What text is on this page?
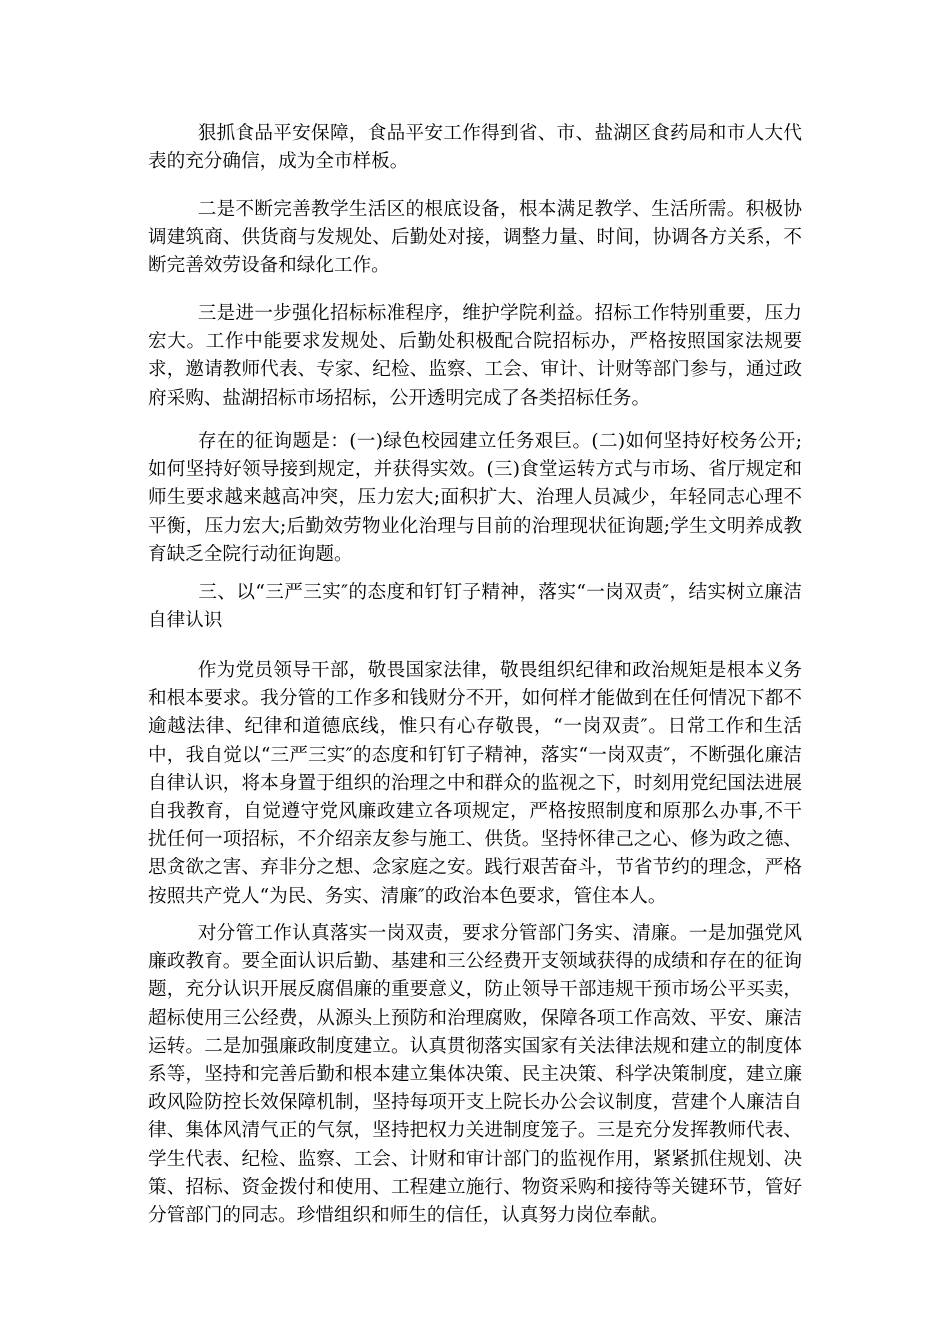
狠抓食品平安保障，食品平安工作得到省、市、盐湖区食药局和市人大代表的充分确信，成为全市样板。

二是不断完善教学生活区的根底设备，根本满足教学、生活所需。积极协调建筑商、供货商与发规处、后勤处对接，调整力量、时间，协调各方关系，不断完善效劳设备和绿化工作。

三是进一步强化招标标准程序，维护学院利益。招标工作特别重要，压力宏大。工作中能要求发规处、后勤处积极配合院招标办，严格按照国家法规要求，邀请教师代表、专家、纪检、监察、工会、审计、计财等部门参与，通过政府采购、盐湖招标市场招标，公开透明完成了各类招标任务。

存在的征询题是：(一)绿色校园建立任务艰巨。(二)如何坚持好校务公开;如何坚持好领导接到规定，并获得实效。(三)食堂运转方式与市场、省厅规定和师生要求越来越高冲突，压力宏大;面积扩大、治理人员减少，年轻同志心理不平衡，压力宏大;后勤效劳物业化治理与目前的治理现状征询题;学生文明养成教育缺乏全院行动征询题。

三、以“三严三实″的态度和钉钉子精神，落实“一岗双责″，结实树立廉洁自律认识

作为党员领导干部，敬畏国家法律，敬畏组织纪律和政治规矩是根本义务和根本要求。我分管的工作多和钱财分不开，如何样才能做到在任何情况下都不逾越法律、纪律和道德底线，惟只有心存敬畏，“一岗双责″。日常工作和生活中，我自觉以“三严三实″的态度和钉钉子精神，落实“一岗双责″，不断强化廉洁自律认识，将本身置于组织的治理之中和群众的监视之下，时刻用党纪国法进展自我教育，自觉遵守党风廉政建立各项规定，严格按照制度和原那么办事,不干扰任何一项招标，不介绍亲友参与施工、供货。坚持怀律己之心、修为政之德、思贪欲之害、弃非分之想、念家庭之安。践行艰苦奋斗，节省节约的理念，严格按照共产党人“为民、务实、清廉″的政治本色要求，管住本人。

对分管工作认真落实一岗双责，要求分管部门务实、清廉。一是加强党风廉政教育。要全面认识后勤、基建和三公经费开支领域获得的成绩和存在的征询题，充分认识开展反腐倡廉的重要意义，防止领导干部违规干预市场公平买卖，超标使用三公经费，从源头上预防和治理腐败，保障各项工作高效、平安、廉洁运转。二是加强廉政制度建立。认真贯彻落实国家有关法律法规和建立的制度体系等，坚持和完善后勤和根本建立集体决策、民主决策、科学决策制度，建立廉政风险防控长效保障机制，坚持每项开支上院长办公会议制度，营建个人廉洁自律、集体风清气正的气氛，坚持把权力关进制度笼子。三是充分发挥教师代表、学生代表、纪检、监察、工会、计财和审计部门的监视作用，紧紧抓住规划、决策、招标、资金拨付和使用、工程建立施行、物资采购和接待等关键环节，管好分管部门的同志。珍惜组织和师生的信任，认真努力岗位奉献。
